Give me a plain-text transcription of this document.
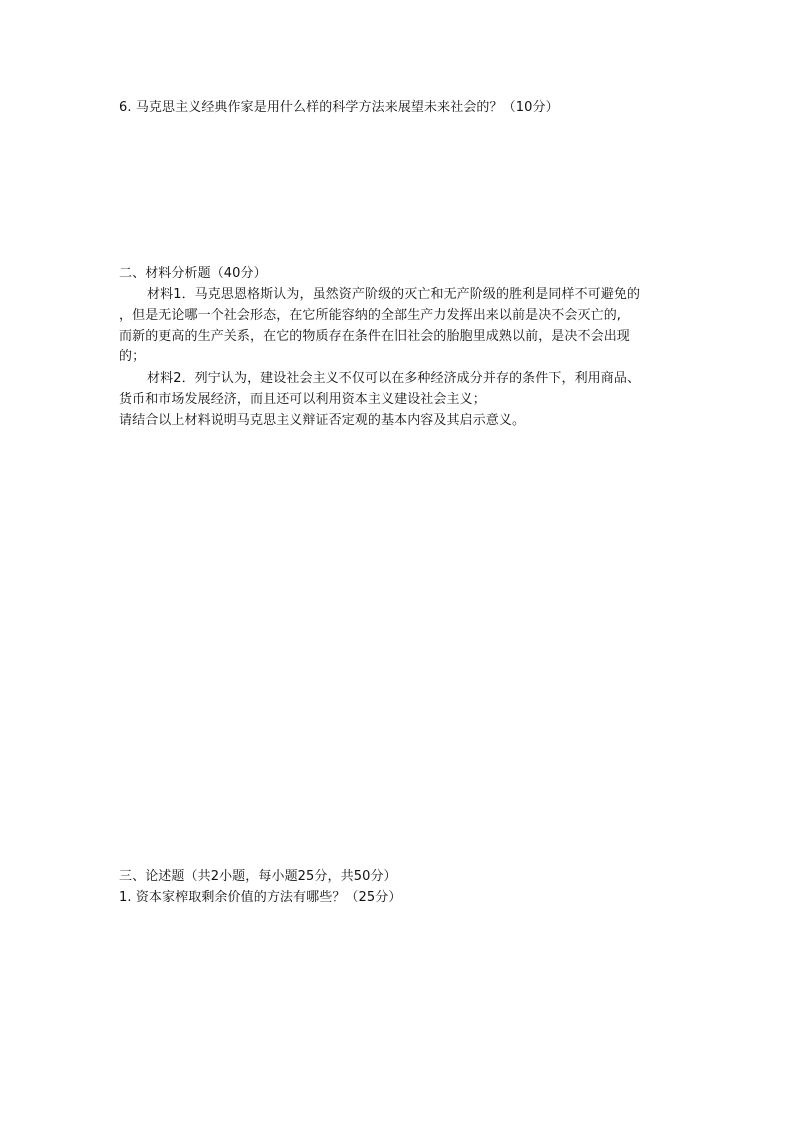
6. 马克思主义经典作家是用什么样的科学方法来展望未来社会的？（10分）
二、材料分析题（40分）
材料1．马克思恩格斯认为，虽然资产阶级的灭亡和无产阶级的胜利是同样不可避免的
，但是无论哪一个社会形态，在它所能容纳的全部生产力发挥出来以前是决不会灭亡的,
而新的更高的生产关系，在它的物质存在条件在旧社会的胎胞里成熟以前，是决不会出现
的；
材料2．列宁认为，建设社会主义不仅可以在多种经济成分并存的条件下，利用商品、
货币和市场发展经济，而且还可以利用资本主义建设社会主义；
请结合以上材料说明马克思主义辩证否定观的基本内容及其启示意义。
三、论述题（共2小题，每小题25分，共50分）
1. 资本家榨取剩余价值的方法有哪些？（25分）
